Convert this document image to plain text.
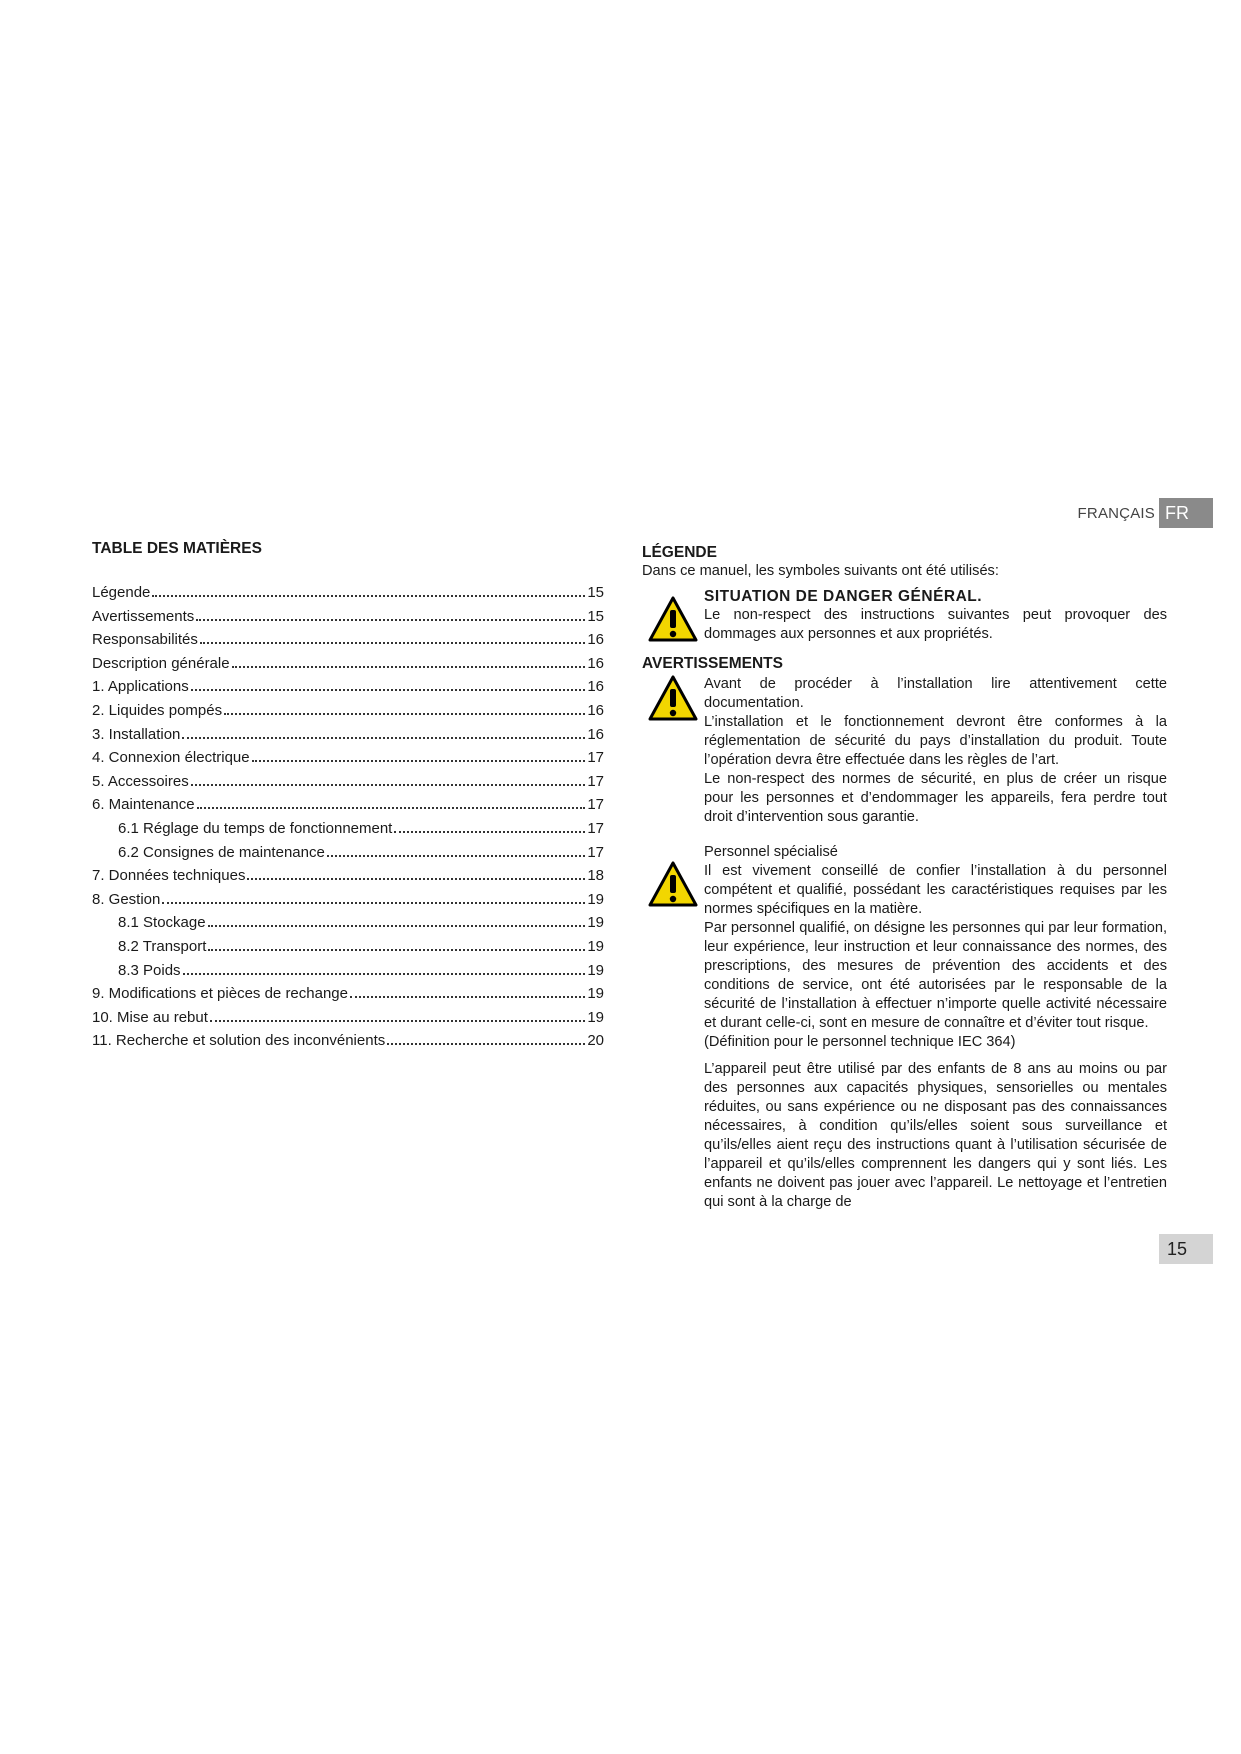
FRANÇAIS FR
TABLE DES MATIÈRES
Légende	15
Avertissements	15
Responsabilités	16
Description générale	16
1. Applications	16
2. Liquides pompés	16
3. Installation	16
4. Connexion électrique	17
5. Accessoires	17
6. Maintenance	17
6.1 Réglage du temps de fonctionnement	17
6.2 Consignes de maintenance	17
7. Données techniques	18
8. Gestion	19
8.1 Stockage	19
8.2 Transport	19
8.3 Poids	19
9. Modifications et pièces de rechange	19
10. Mise au rebut	19
11. Recherche et solution des inconvénients	20
LÉGENDE
Dans ce manuel, les symboles suivants ont été utilisés:
SITUATION DE DANGER GÉNÉRAL.
Le non-respect des instructions suivantes peut provoquer des dommages aux personnes et aux propriétés.
AVERTISSEMENTS
Avant de procéder à l’installation lire attentivement cette documentation.
L’installation et le fonctionnement devront être conformes à la réglementation de sécurité du pays d’installation du produit. Toute l’opération devra être effectuée dans les règles de l’art.
Le non-respect des normes de sécurité, en plus de créer un risque pour les personnes et d’endommager les appareils, fera perdre tout droit d’intervention sous garantie.
Personnel spécialisé
Il est vivement conseillé de confier l’installation à du personnel compétent et qualifié, possédant les caractéristiques requises par les normes spécifiques en la matière.
Par personnel qualifié, on désigne les personnes qui par leur formation, leur expérience, leur instruction et leur connaissance des normes, des prescriptions, des mesures de prévention des accidents et des conditions de service, ont été autorisées par le responsable de la sécurité de l’installation à effectuer n’importe quelle activité nécessaire et durant celle-ci, sont en mesure de connaître et d’éviter tout risque.
(Définition pour le personnel technique IEC 364)
L’appareil peut être utilisé par des enfants de 8 ans au moins ou par des personnes aux capacités physiques, sensorielles ou mentales réduites, ou sans expérience ou ne disposant pas des connaissances nécessaires, à condition qu’ils/elles soient sous surveillance et qu’ils/elles aient reçu des instructions quant à l’utilisation sécurisée de l’appareil et qu’ils/elles comprennent les dangers qui y sont liés. Les enfants ne doivent pas jouer avec l’appareil. Le nettoyage et l’entretien qui sont à la charge de
15
